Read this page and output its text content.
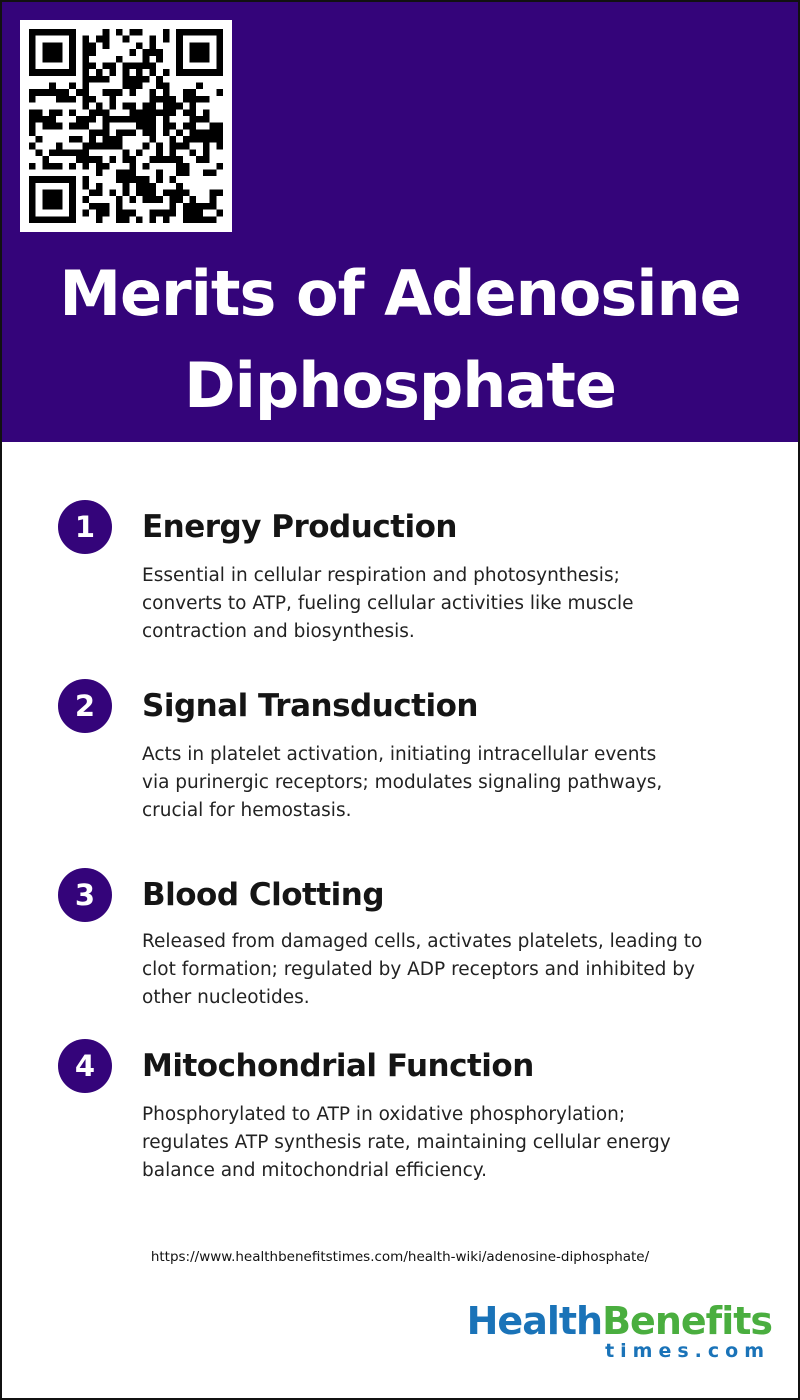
Merits of Adenosine
Diphosphate
1	Energy Production
Essential in cellular respiration and photosynthesis;
converts to ATP, fueling cellular activities like muscle
contraction and biosynthesis.
2	Signal Transduction
Acts in platelet activation, initiating intracellular events
via purinergic receptors; modulates signaling pathways,
crucial for hemostasis.
3	Blood Clotting
Released from damaged cells, activates platelets, leading to
clot formation; regulated by ADP receptors and inhibited by
other nucleotides.
4	Mitochondrial Function
Phosphorylated to ATP in oxidative phosphorylation;
regulates ATP synthesis rate, maintaining cellular energy
balance and mitochondrial efficiency.
https://www.healthbenefitstimes.com/health-wiki/adenosine-diphosphate/
HealthBenefits
times.com
